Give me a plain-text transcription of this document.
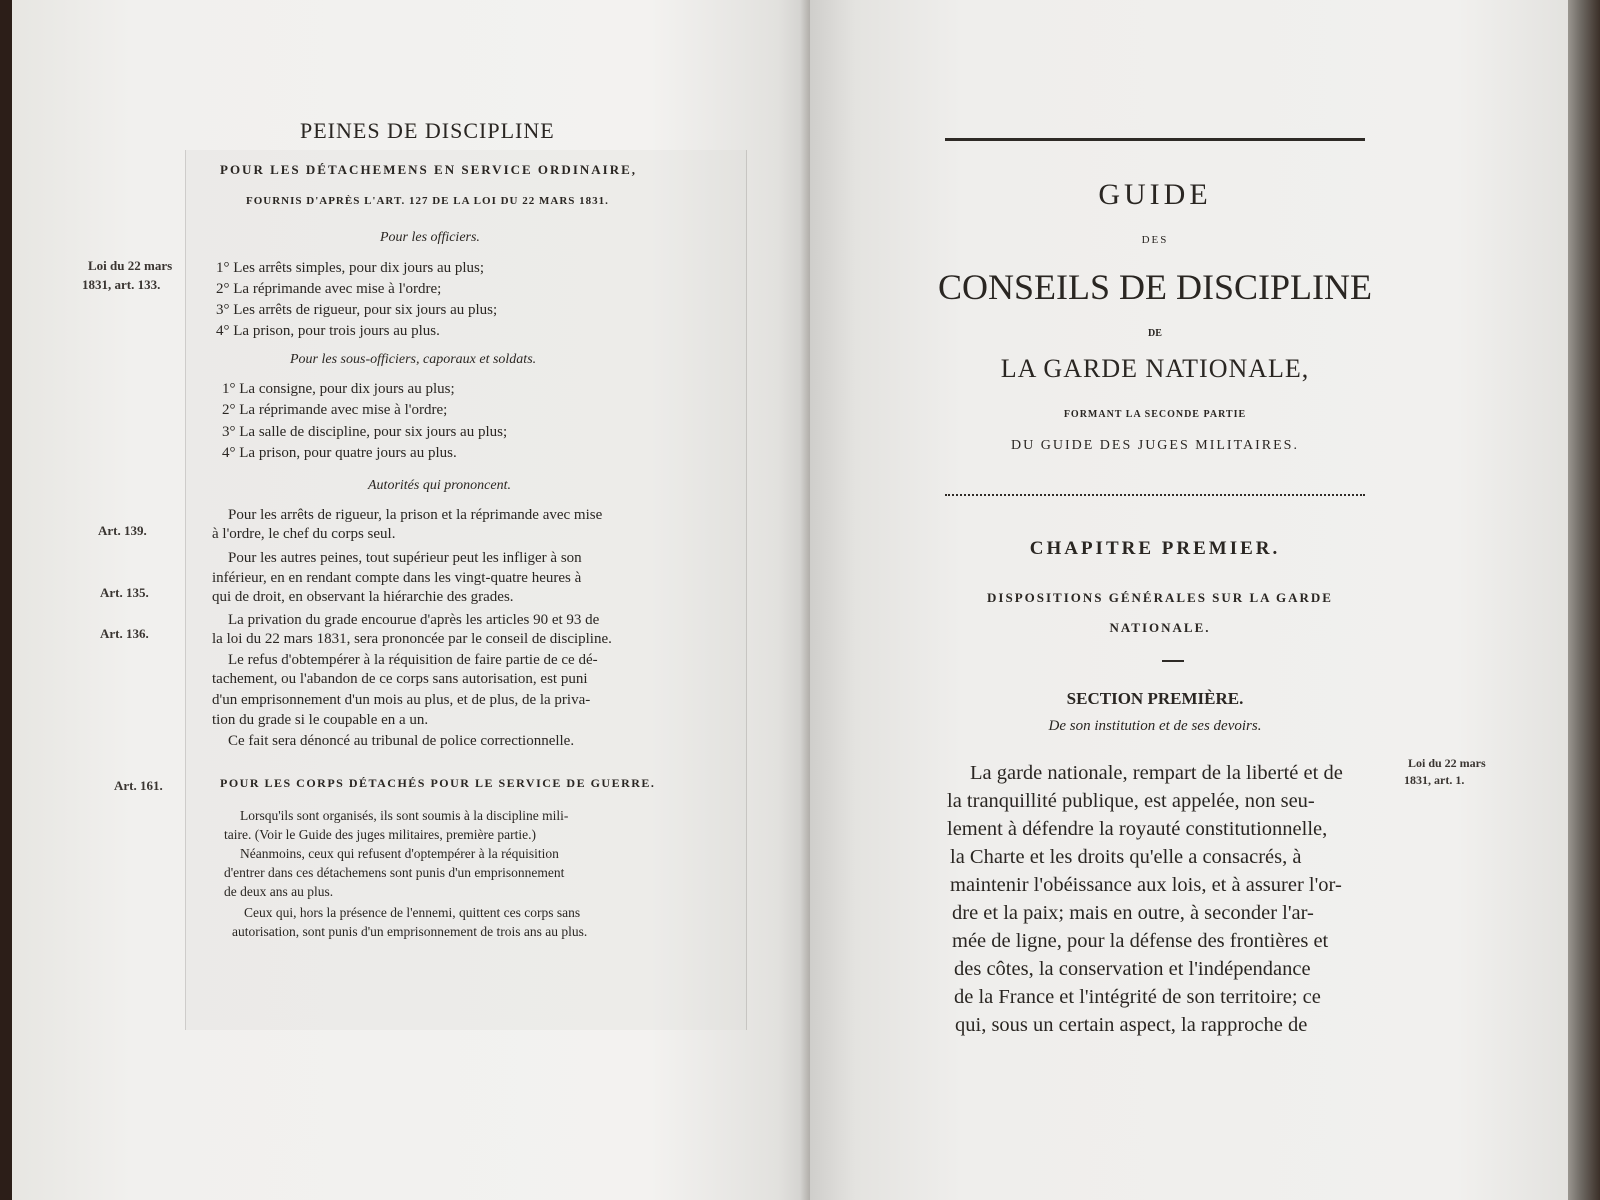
PEINES DE DISCIPLINE
POUR LES DÉTACHEMENS EN SERVICE ORDINAIRE,
FOURNIS D'APRÈS L'ART. 127 DE LA LOI DU 22 MARS 1831.
Pour les officiers.
Loi du 22 mars
1831, art. 133.
1° Les arrêts simples, pour dix jours au plus;
2° La réprimande avec mise à l'ordre;
3° Les arrêts de rigueur, pour six jours au plus;
4° La prison, pour trois jours au plus.
Pour les sous-officiers, caporaux et soldats.
1° La consigne, pour dix jours au plus;
2° La réprimande avec mise à l'ordre;
3° La salle de discipline, pour six jours au plus;
4° La prison, pour quatre jours au plus.
Autorités qui prononcent.
Art. 139.
Art. 135.
Art. 136.
Pour les arrêts de rigueur, la prison et la réprimande avec mise
à l'ordre, le chef du corps seul.
Pour les autres peines, tout supérieur peut les infliger à son
inférieur, en en rendant compte dans les vingt-quatre heures à
qui de droit, en observant la hiérarchie des grades.
La privation du grade encourue d'après les articles 90 et 93 de
la loi du 22 mars 1831, sera prononcée par le conseil de discipline.
Le refus d'obtempérer à la réquisition de faire partie de ce dé-
tachement, ou l'abandon de ce corps sans autorisation, est puni
d'un emprisonnement d'un mois au plus, et de plus, de la priva-
tion du grade si le coupable en a un.
Ce fait sera dénoncé au tribunal de police correctionnelle.
Art. 161.	POUR LES CORPS DÉTACHÉS POUR LE SERVICE DE GUERRE.
Lorsqu'ils sont organisés, ils sont soumis à la discipline mili-
taire. (Voir le Guide des juges militaires, première partie.)
Néanmoins, ceux qui refusent d'optempérer à la réquisition
d'entrer dans ces détachemens sont punis d'un emprisonnement
de deux ans au plus.
Ceux qui, hors la présence de l'ennemi, quittent ces corps sans
autorisation, sont punis d'un emprisonnement de trois ans au plus.
GUIDE
DES
CONSEILS DE DISCIPLINE
DE
LA GARDE NATIONALE,
FORMANT LA SECONDE PARTIE
DU GUIDE DES JUGES MILITAIRES.
CHAPITRE PREMIER.
DISPOSITIONS GÉNÉRALES SUR LA GARDE NATIONALE.
SECTION PREMIÈRE.
De son institution et de ses devoirs.
La garde nationale, rempart de la liberté et de
la tranquillité publique, est appelée, non seu-
lement à défendre la royauté constitutionnelle,
la Charte et les droits qu'elle a consacrés, à
maintenir l'obéissance aux lois, et à assurer l'or-
dre et la paix; mais en outre, à seconder l'ar-
mée de ligne, pour la défense des frontières et
des côtes, la conservation et l'indépendance
de la France et l'intégrité de son territoire; ce
qui, sous un certain aspect, la rapproche de
Loi du 22 mars
1831, art. 1.
